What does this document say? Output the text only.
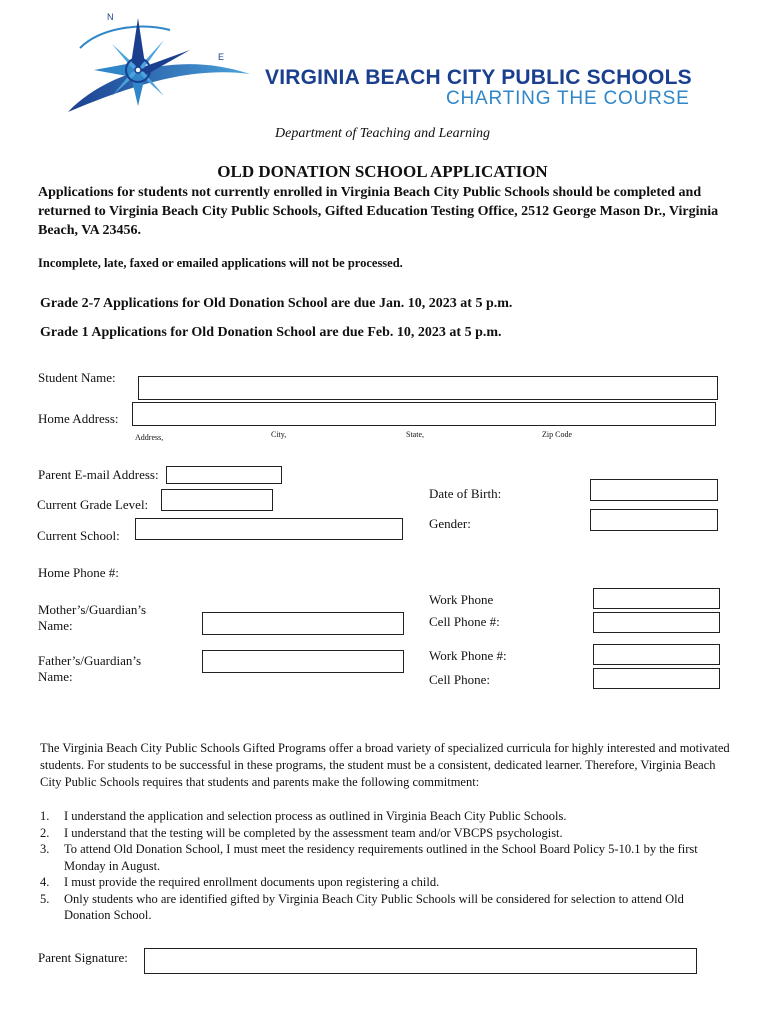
N
E
VIRGINIA BEACH CITY PUBLIC SCHOOLS
CHARTING THE COURSE
Department of Teaching and Learning
OLD DONATION SCHOOL APPLICATION
Applications for students not currently enrolled in Virginia Beach City Public Schools should be completed and returned to Virginia Beach City Public Schools, Gifted Education Testing Office, 2512 George Mason Dr., Virginia Beach, VA 23456.
Incomplete, late, faxed or emailed applications will not be processed.
Grade 2-7 Applications for Old Donation School are due Jan. 10, 2023 at 5 p.m.
Grade 1 Applications for Old Donation School are due Feb. 10, 2023 at 5 p.m.
Student Name:
Home Address:
Address,	City,	State,	Zip Code
Parent E-mail Address:
Current Grade Level:
Current School:
Date of Birth:
Gender:
Home Phone #:
Mother’s/Guardian’s
Name:
Work Phone
Cell Phone #:
Father’s/Guardian’s
Name:
Work Phone #:
Cell Phone:
The Virginia Beach City Public Schools Gifted Programs offer a broad variety of specialized curricula for highly interested and motivated students. For students to be successful in these programs, the student must be a consistent, dedicated learner. Therefore, Virginia Beach City Public Schools requires that students and parents make the following commitment:
1. I understand the application and selection process as outlined in Virginia Beach City Public Schools.
2. I understand that the testing will be completed by the assessment team and/or VBCPS psychologist.
3. To attend Old Donation School, I must meet the residency requirements outlined in the School Board Policy 5-10.1 by the first Monday in August.
4. I must provide the required enrollment documents upon registering a child.
5. Only students who are identified gifted by Virginia Beach City Public Schools will be considered for selection to attend Old Donation School.
Parent Signature:
